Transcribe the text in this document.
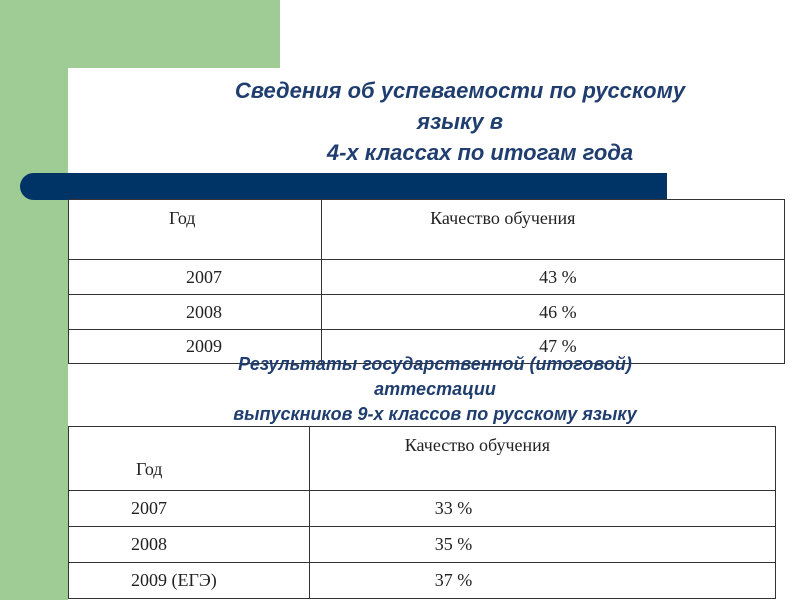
Сведения об успеваемости по русскому
языку в

4-х классах по итогам года
Год	Качество обучения
2007	43 %
2008	46 %
2009	47 %
Результаты государственной (итоговой)
аттестации
выпускников 9-х классов по русскому языку
Год	Качество обучения
2007	33 %
2008	35 %
2009 (ЕГЭ)	37 %
